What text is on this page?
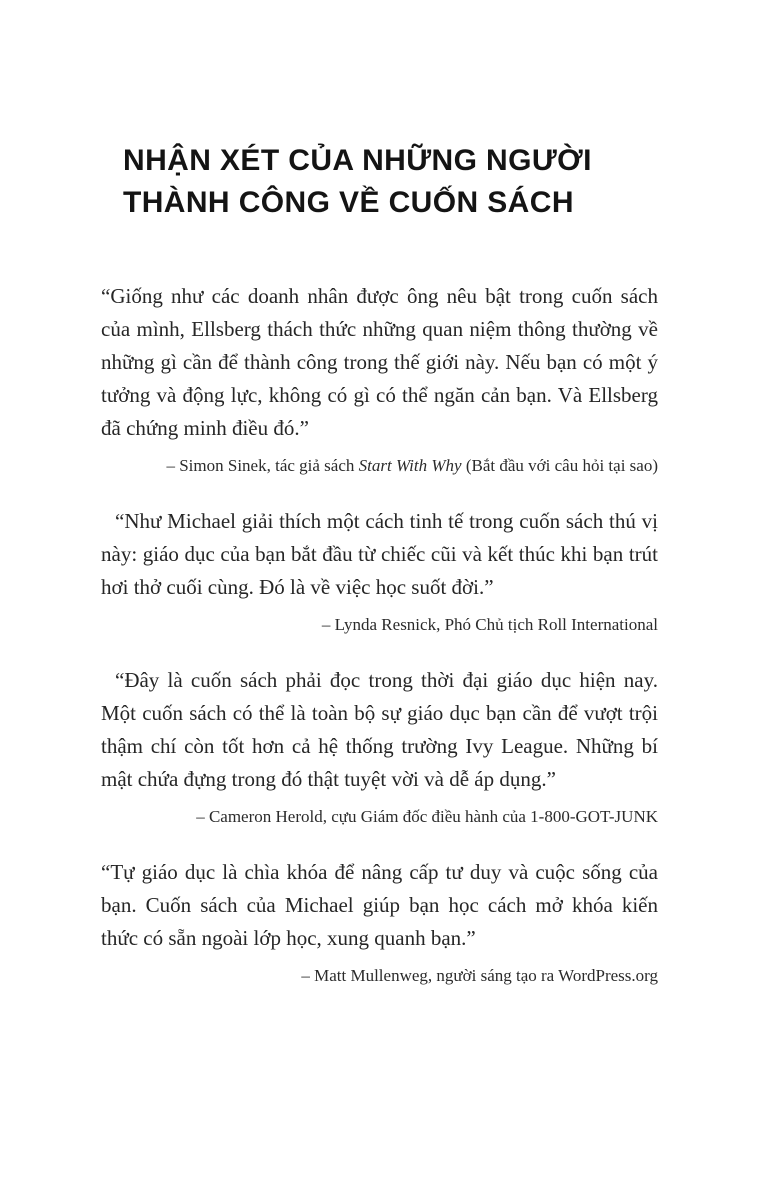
NHẬN XÉT CỦA NHỮNG NGƯỜI
THÀNH CÔNG VỀ CUỐN SÁCH

“Giống như các doanh nhân được ông nêu bật trong cuốn sách của mình, Ellsberg thách thức những quan niệm thông thường về những gì cần để thành công trong thế giới này. Nếu bạn có một ý tưởng và động lực, không có gì có thể ngăn cản bạn. Và Ellsberg đã chứng minh điều đó.”

– Simon Sinek, tác giả sách Start With Why (Bắt đầu với câu hỏi tại sao)

“Như Michael giải thích một cách tinh tế trong cuốn sách thú vị này: giáo dục của bạn bắt đầu từ chiếc cũi và kết thúc khi bạn trút hơi thở cuối cùng. Đó là về việc học suốt đời.”

– Lynda Resnick, Phó Chủ tịch Roll International

“Đây là cuốn sách phải đọc trong thời đại giáo dục hiện nay. Một cuốn sách có thể là toàn bộ sự giáo dục bạn cần để vượt trội thậm chí còn tốt hơn cả hệ thống trường Ivy League. Những bí mật chứa đựng trong đó thật tuyệt vời và dễ áp dụng.”

– Cameron Herold, cựu Giám đốc điều hành của 1-800-GOT-JUNK

“Tự giáo dục là chìa khóa để nâng cấp tư duy và cuộc sống của bạn. Cuốn sách của Michael giúp bạn học cách mở khóa kiến thức có sẵn ngoài lớp học, xung quanh bạn.”

– Matt Mullenweg, người sáng tạo ra WordPress.org
